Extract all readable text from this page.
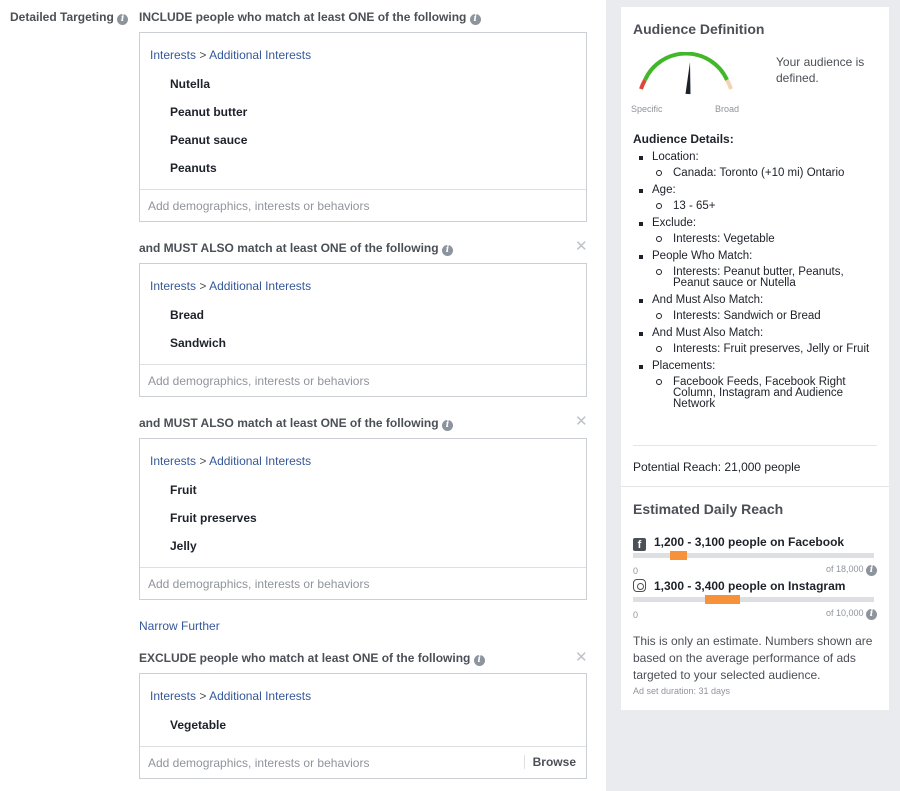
Detailed Targeting i	INCLUDE people who match at least ONE of the following i
Interests > Additional Interests
Nutella
Peanut butter
Peanut sauce
Peanuts
Add demographics, interests or behaviors
and MUST ALSO match at least ONE of the following i	✕
Interests > Additional Interests
Bread
Sandwich
Add demographics, interests or behaviors
and MUST ALSO match at least ONE of the following i	✕
Interests > Additional Interests
Fruit
Fruit preserves
Jelly
Add demographics, interests or behaviors
Narrow Further
EXCLUDE people who match at least ONE of the following i	✕
Interests > Additional Interests
Vegetable
Add demographics, interests or behaviors	Browse
Audience Definition
Specific	Broad
Your audience is defined.
Audience Details:
Location:
Canada: Toronto (+10 mi) Ontario
Age:
13 - 65+
Exclude:
Interests: Vegetable
People Who Match:
Interests: Peanut butter, Peanuts, Peanut sauce or Nutella
And Must Also Match:
Interests: Sandwich or Bread
And Must Also Match:
Interests: Fruit preserves, Jelly or Fruit
Placements:
Facebook Feeds, Facebook Right Column, Instagram and Audience Network
Potential Reach: 21,000 people
Estimated Daily Reach
f 1,200 - 3,100 people on Facebook
0	of 18,000 i
1,300 - 3,400 people on Instagram
0	of 10,000 i
This is only an estimate. Numbers shown are based on the average performance of ads targeted to your selected audience.
Ad set duration: 31 days
